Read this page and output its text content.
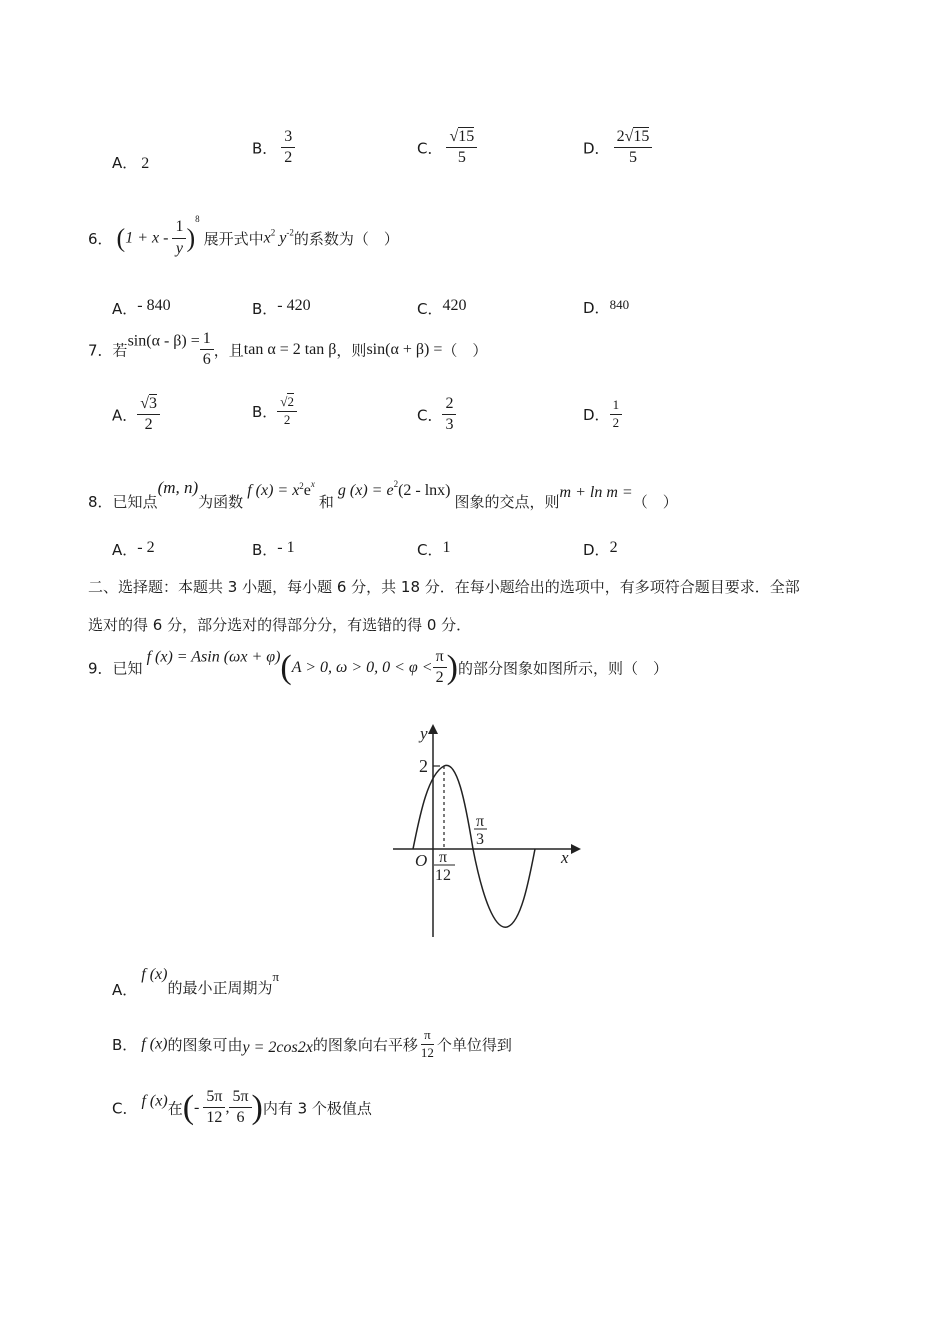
A． 2
B． $\frac{3}{2}$	C． $\frac{√15}{5}$	D． $\frac{2√15}{5}$
6． $(1 + x - \frac{1}{y} )^8$ 展开式中$x^2$ $y^{-2}$的系数为（　）
A．- 840	B．- 420	C．420	D．840
7．若$\sin(\alpha - \beta) = \frac{1}{6}$ ，且tan α = 2 tan β，则sin(α + β) =（　）
A． $\frac{√3}{2}$	B． $\frac{√2}{2}$	C． $\frac{2}{3}$	D． $\frac{1}{2}$
8．已知点(m, n)为函数 f $(x) = x^2e^x$ 和 g $(x) = e^2(2 - \ln x)$ 图象的交点，则m + ln m =（　）
A．- 2	B．- 1	C．1	D．2
二、选择题：本题共 3 小题，每小题 6 分，共 18 分．在每小题给出的选项中，有多项符合题目要求．全部
选对的得 6 分，部分选对的得部分分，有选错的得 0 分．
9．已知 f (x) = Asin (ωx + φ)(A > 0, ω > 0, $0 < \varphi < \frac{\pi}{2}$ )的部分图象如图所示，则（　）
y
x
O
2
π
12
π
3
A． f (x)的最小正周期为$^\pi$
B． f (x)的图象可由y = 2cos2x的图象向右平移 $\frac{\pi}{12}$ 个单位得到
C． f (x)在(- $\frac{5\pi}{12}$ , $\frac{5\pi}{6}$ )内有 3 个极值点
